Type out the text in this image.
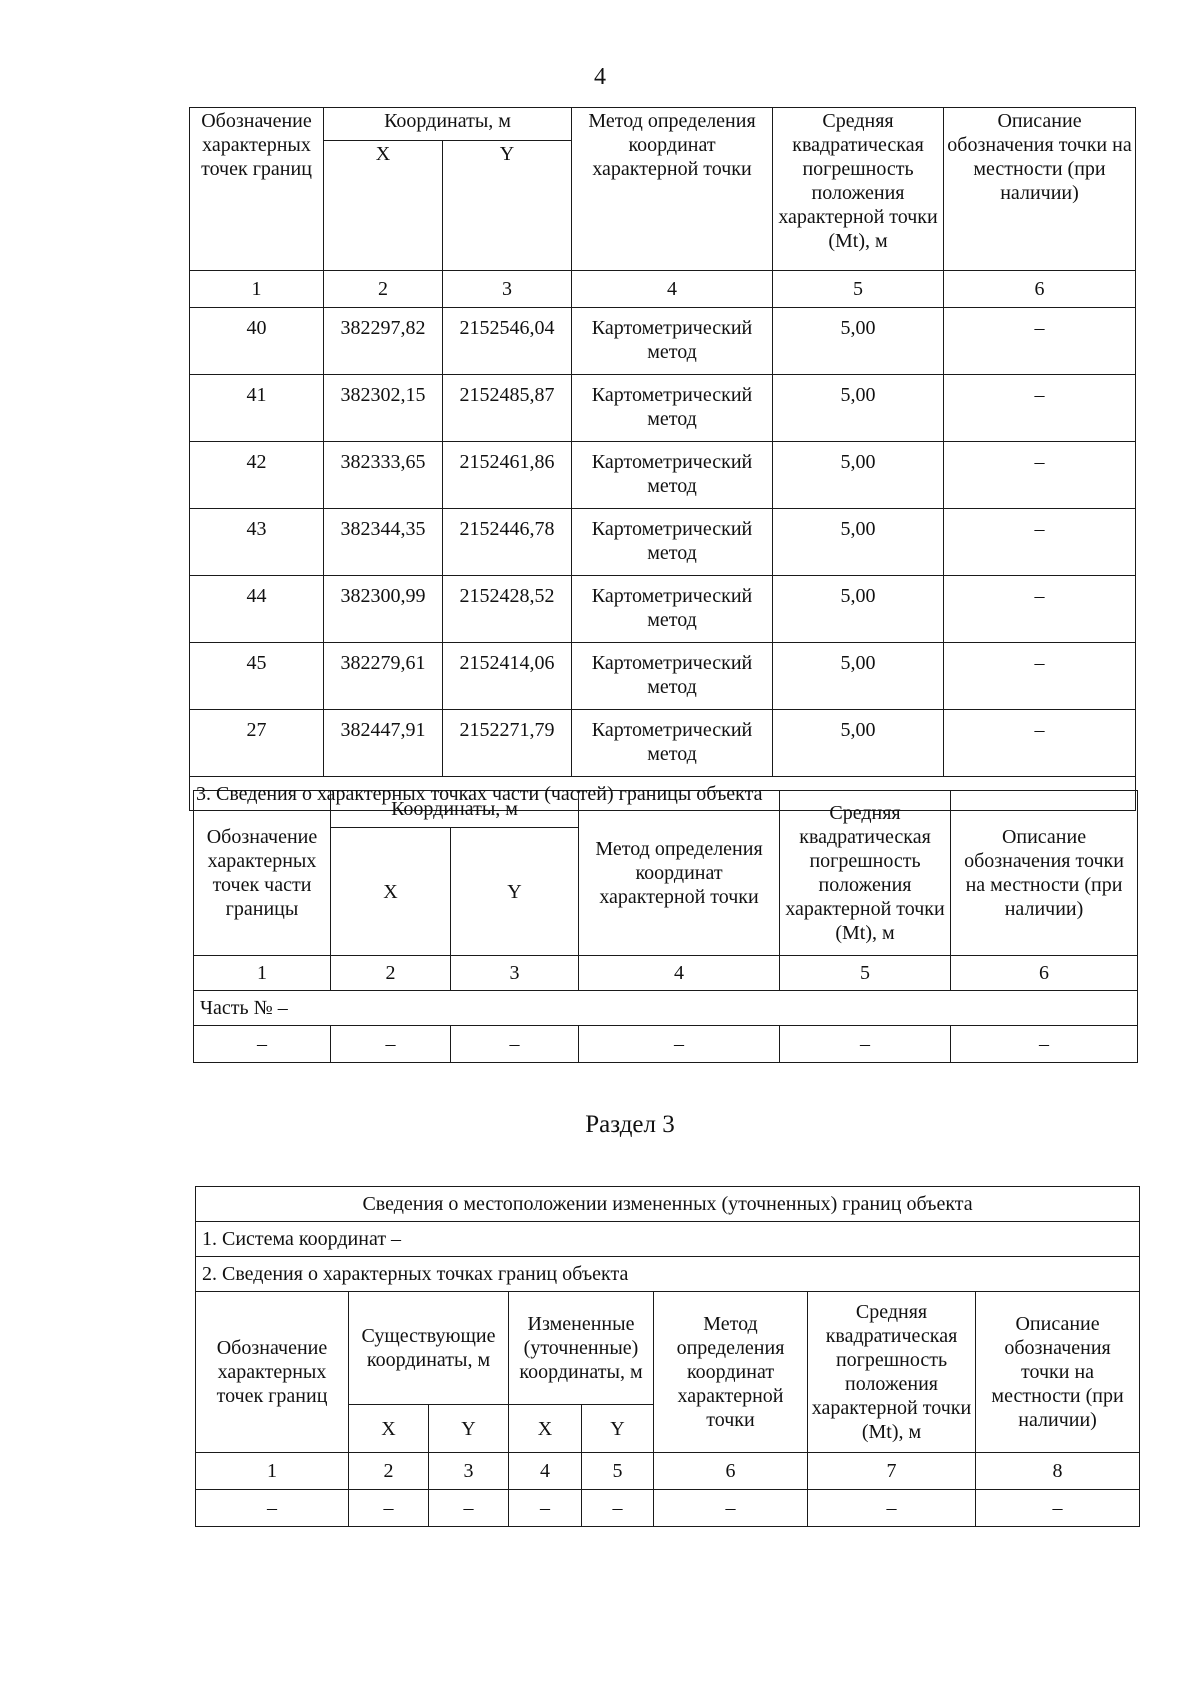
4
Обозначение характерных точек границ	Координаты, м		Метод определения координат характерной точки	Средняя квадратическая погрешность положения характерной точки (Mt), м	Описание обозначения точки на местности (при наличии)
	X	Y			
1	2	3	4	5	6
40	382297,82	2152546,04	Картометрический метод	5,00	–
41	382302,15	2152485,87	Картометрический метод	5,00	–
42	382333,65	2152461,86	Картометрический метод	5,00	–
43	382344,35	2152446,78	Картометрический метод	5,00	–
44	382300,99	2152428,52	Картометрический метод	5,00	–
45	382279,61	2152414,06	Картометрический метод	5,00	–
27	382447,91	2152271,79	Картометрический метод	5,00	–
3. Сведения о характерных точках части (частей) границы объекта					
Обозначение характерных точек части границы	Координаты, м		Метод определения координат характерной точки	Средняя квадратическая погрешность положения характерной точки (Mt), м	Описание обозначения точки на местности (при наличии)
	X	Y			
1	2	3	4	5	6
Часть № –					
–	–	–	–	–	–
Раздел 3
Сведения о местоположении измененных (уточненных) границ объекта							
1. Система координат –							
2. Сведения о характерных точках границ объекта							
Обозначение характерных точек границ	Существующие координаты, м		Измененные (уточненные) координаты, м		Метод определения координат характерной точки	Средняя квадратическая погрешность положения характерной точки (Mt), м	Описание обозначения точки на местности (при наличии)
	X	Y	X	Y			
1	2	3	4	5	6	7	8
–	–	–	–	–	–	–	–
